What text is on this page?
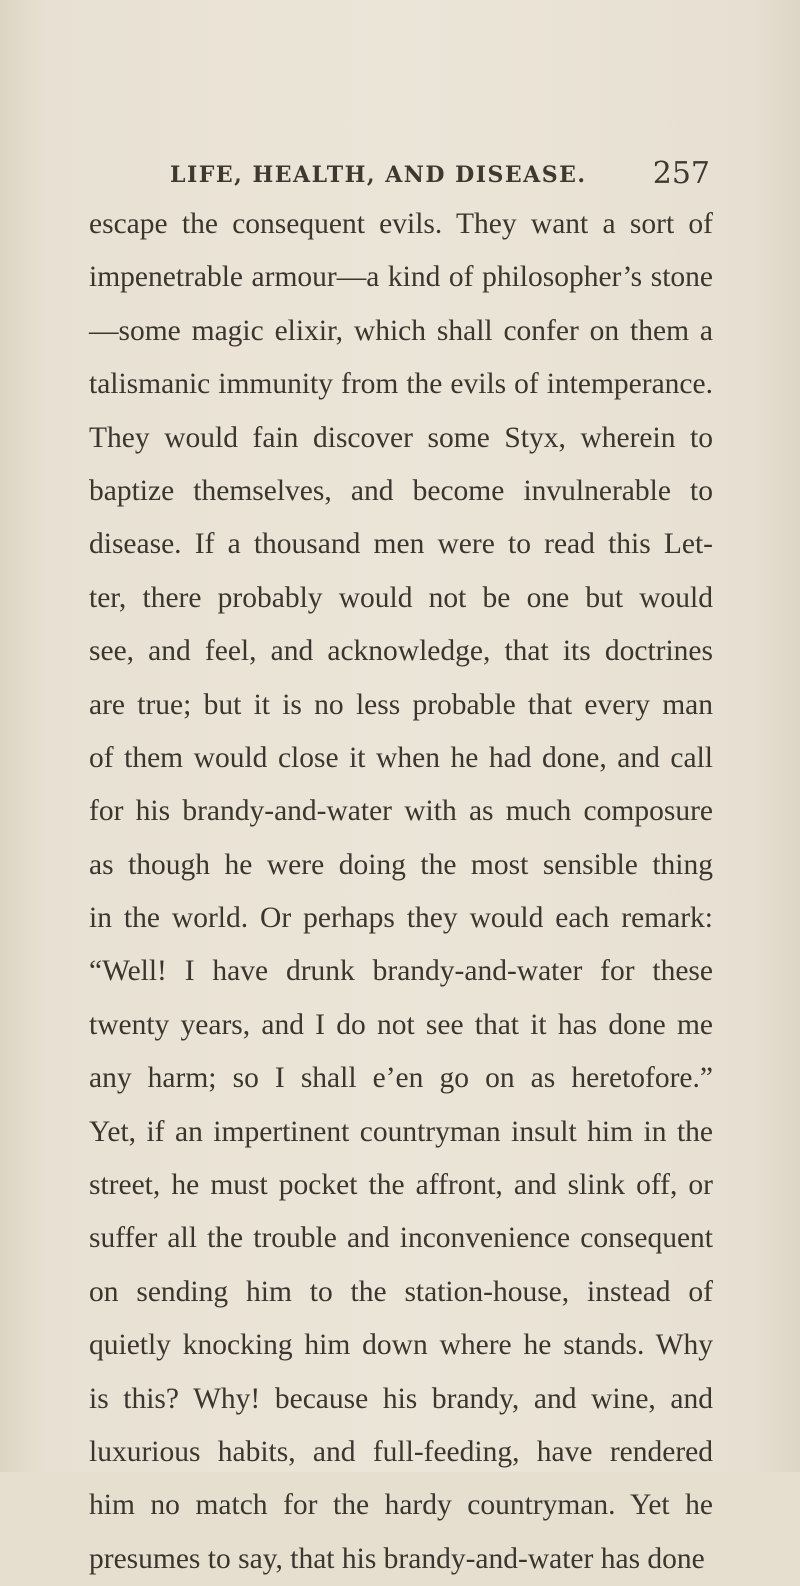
LIFE, HEALTH, AND DISEASE. 257
escape the consequent evils. They want a sort of
impenetrable armour—a kind of philosopher’s stone
—some magic elixir, which shall confer on them a
talismanic immunity from the evils of intemperance.
They would fain discover some Styx, wherein to
baptize themselves, and become invulnerable to
disease. If a thousand men were to read this Let-
ter, there probably would not be one but would
see, and feel, and acknowledge, that its doctrines
are true; but it is no less probable that every man
of them would close it when he had done, and call
for his brandy-and-water with as much composure
as though he were doing the most sensible thing
in the world. Or perhaps they would each remark:
“Well! I have drunk brandy-and-water for these
twenty years, and I do not see that it has done me
any harm; so I shall e’en go on as heretofore.”
Yet, if an impertinent countryman insult him in the
street, he must pocket the affront, and slink off, or
suffer all the trouble and inconvenience consequent
on sending him to the station-house, instead of
quietly knocking him down where he stands. Why
is this? Why! because his brandy, and wine, and
luxurious habits, and full-feeding, have rendered
him no match for the hardy countryman. Yet he
presumes to say, that his brandy-and-water has done
